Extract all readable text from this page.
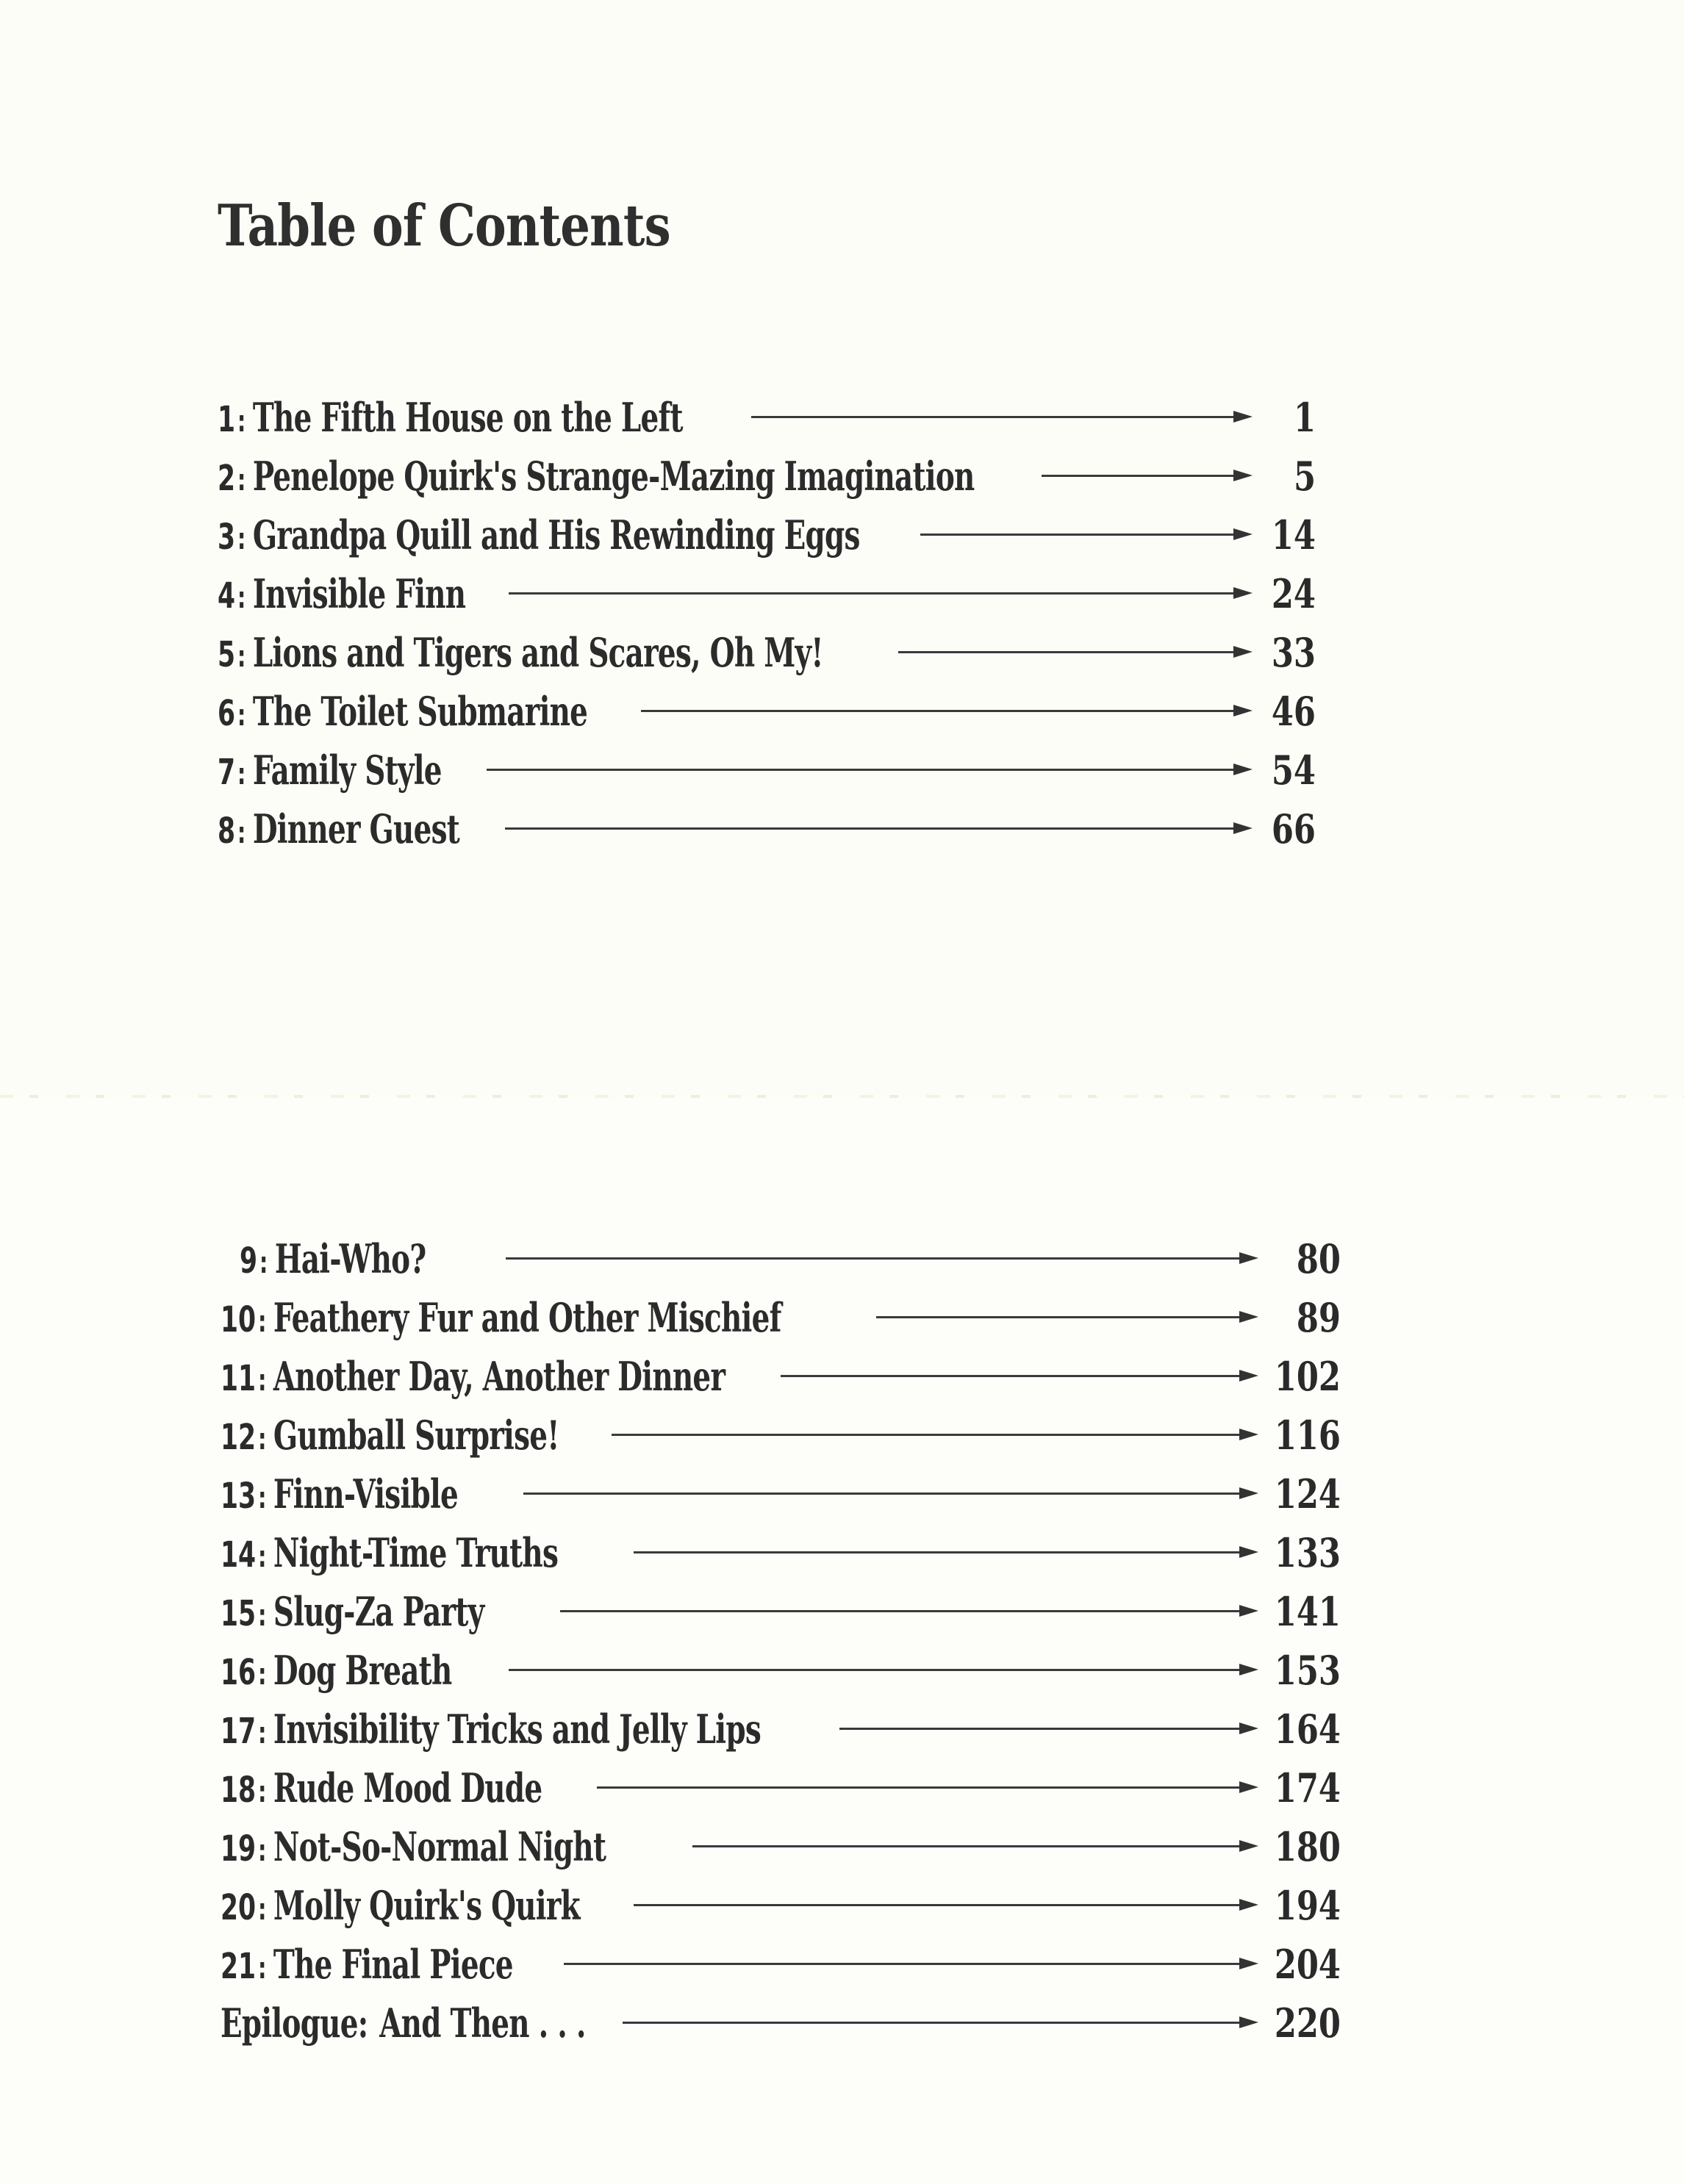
Table of Contents
1: The Fifth House on the Left	1
2: Penelope Quirk's Strange-Mazing Imagination	5
3: Grandpa Quill and His Rewinding Eggs	14
4: Invisible Finn	24
5: Lions and Tigers and Scares, Oh My!	33
6: The Toilet Submarine	46
7: Family Style	54
8: Dinner Guest	66
9: Hai-Who?	80
10: Feathery Fur and Other Mischief	89
11: Another Day, Another Dinner	102
12: Gumball Surprise!	116
13: Finn-Visible	124
14: Night-Time Truths	133
15: Slug-Za Party	141
16: Dog Breath	153
17: Invisibility Tricks and Jelly Lips	164
18: Rude Mood Dude	174
19: Not-So-Normal Night	180
20: Molly Quirk's Quirk	194
21: The Final Piece	204
Epilogue: And Then . . .	220
